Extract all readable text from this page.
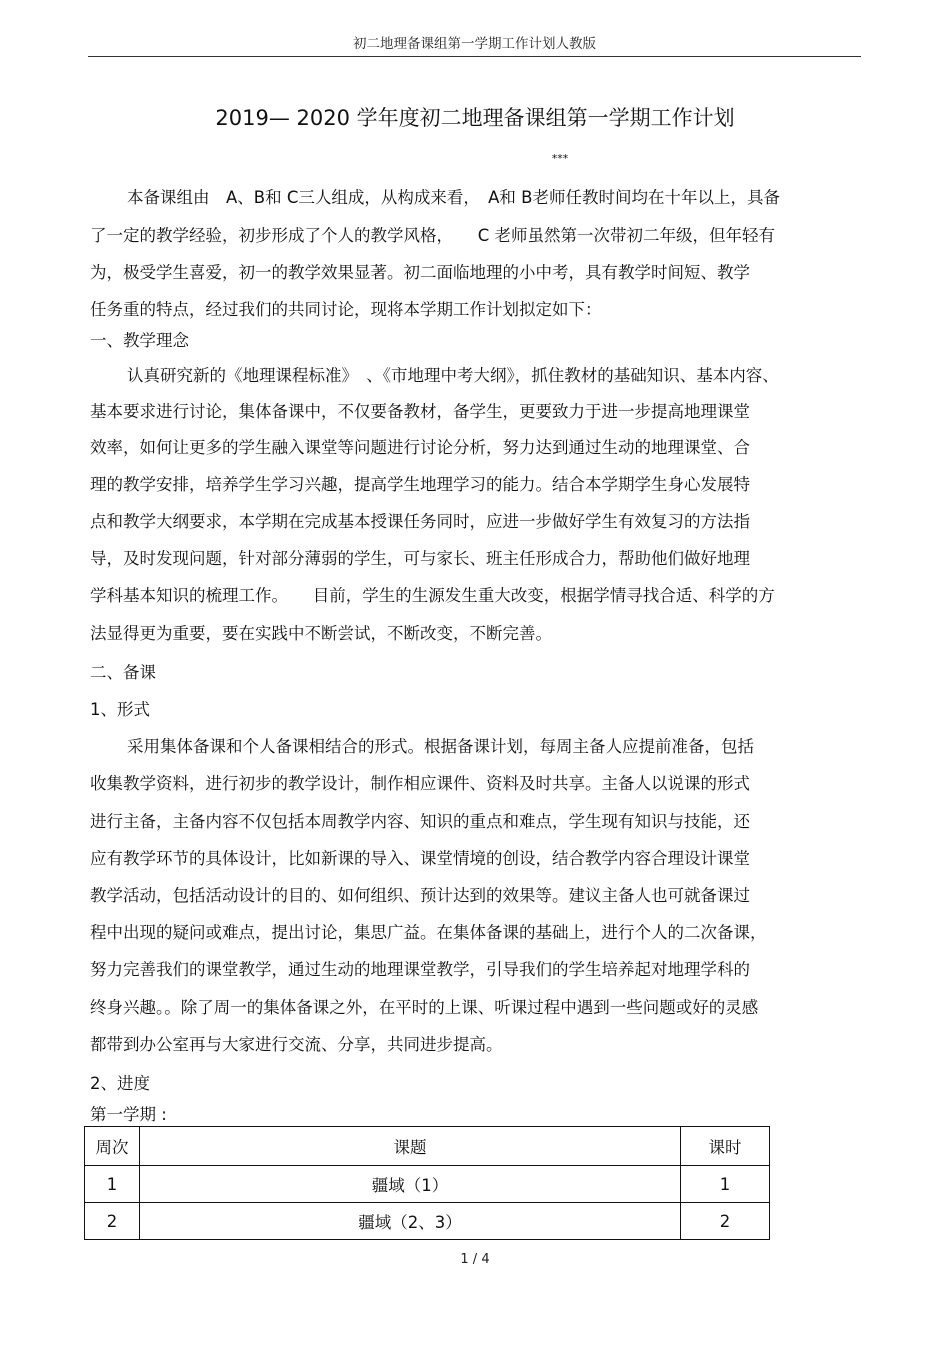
初二地理备课组第一学期工作计划人教版
2019— 2020 学年度初二地理备课组第一学期工作计划
***
本备课组由　A、B和 C三人组成，从构成来看，　A和 B老师任教时间均在十年以上，具备
了一定的教学经验，初步形成了个人的教学风格，　　C 老师虽然第一次带初二年级，但年轻有
为，极受学生喜爱，初一的教学效果显著。初二面临地理的小中考，具有教学时间短、教学
任务重的特点，经过我们的共同讨论，现将本学期工作计划拟定如下：
一、教学理念
认真研究新的《地理课程标准》　、《市地理中考大纲》，抓住教材的基础知识、基本内容、
基本要求进行讨论，集体备课中，不仅要备教材，备学生，更要致力于进一步提高地理课堂
效率，如何让更多的学生融入课堂等问题进行讨论分析，努力达到通过生动的地理课堂、合
理的教学安排，培养学生学习兴趣，提高学生地理学习的能力。结合本学期学生身心发展特
点和教学大纲要求，本学期在完成基本授课任务同时，应进一步做好学生有效复习的方法指
导，及时发现问题，针对部分薄弱的学生，可与家长、班主任形成合力，帮助他们做好地理
学科基本知识的梳理工作。　　目前，学生的生源发生重大改变，根据学情寻找合适、科学的方
法显得更为重要，要在实践中不断尝试，不断改变，不断完善。
二、备课
1、形式
采用集体备课和个人备课相结合的形式。根据备课计划，每周主备人应提前准备，包括
收集教学资料，进行初步的教学设计，制作相应课件、资料及时共享。主备人以说课的形式
进行主备，主备内容不仅包括本周教学内容、知识的重点和难点，学生现有知识与技能，还
应有教学环节的具体设计，比如新课的导入、课堂情境的创设，结合教学内容合理设计课堂
教学活动，包括活动设计的目的、如何组织、预计达到的效果等。建议主备人也可就备课过
程中出现的疑问或难点，提出讨论，集思广益。在集体备课的基础上，进行个人的二次备课，
努力完善我们的课堂教学，通过生动的地理课堂教学，引导我们的学生培养起对地理学科的
终身兴趣。。除了周一的集体备课之外，在平时的上课、听课过程中遇到一些问题或好的灵感
都带到办公室再与大家进行交流、分享，共同进步提高。
2、进度
第一学期 :
周次	课题	课时
1	疆域（1）	1
2	疆域（2、3）	2
1 / 4
